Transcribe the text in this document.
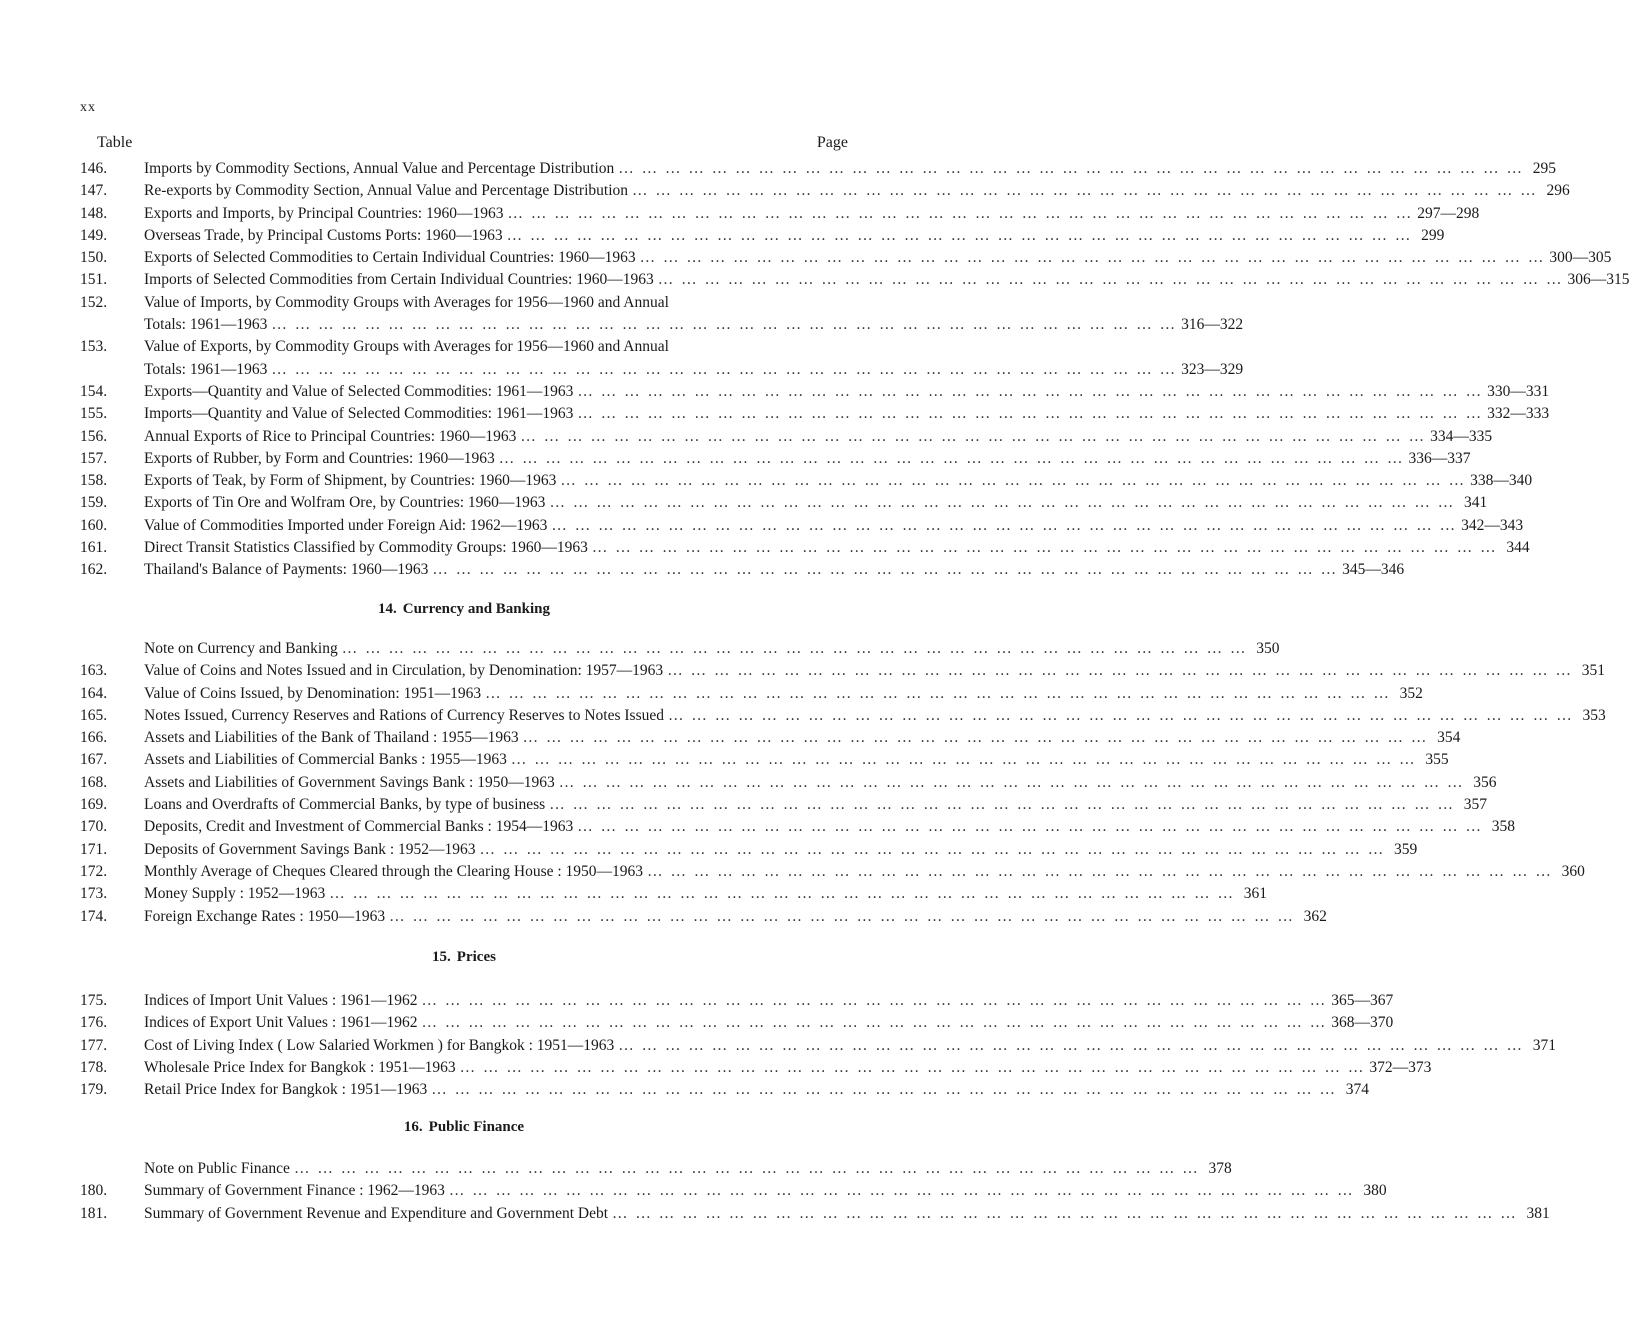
xx
Table	Page
146.	Imports by Commodity Sections, Annual Value and Percentage Distribution … … … … … … … … … … … … … … … … … … … … … … … … … … … … … … … … … … … … … … …	295
147.	Re-exports by Commodity Section, Annual Value and Percentage Distribution … … … … … … … … … … … … … … … … … … … … … … … … … … … … … … … … … … … … … … …	296
148.	Exports and Imports, by Principal Countries: 1960—1963 … … … … … … … … … … … … … … … … … … … … … … … … … … … … … … … … … … … … … … …	297—298
149.	Overseas Trade, by Principal Customs Ports: 1960—1963 … … … … … … … … … … … … … … … … … … … … … … … … … … … … … … … … … … … … … … …	299
150.	Exports of Selected Commodities to Certain Individual Countries: 1960—1963 … … … … … … … … … … … … … … … … … … … … … … … … … … … … … … … … … … … … … … …	300—305
151.	Imports of Selected Commodities from Certain Individual Countries: 1960—1963 … … … … … … … … … … … … … … … … … … … … … … … … … … … … … … … … … … … … … … …	306—315
152.	Value of Imports, by Commodity Groups with Averages for 1956—1960 and Annual
Totals: 1961—1963 … … … … … … … … … … … … … … … … … … … … … … … … … … … … … … … … … … … … … … …	316—322
153.	Value of Exports, by Commodity Groups with Averages for 1956—1960 and Annual
Totals: 1961—1963 … … … … … … … … … … … … … … … … … … … … … … … … … … … … … … … … … … … … … … …	323—329
154.	Exports—Quantity and Value of Selected Commodities: 1961—1963 … … … … … … … … … … … … … … … … … … … … … … … … … … … … … … … … … … … … … … …	330—331
155.	Imports—Quantity and Value of Selected Commodities: 1961—1963 … … … … … … … … … … … … … … … … … … … … … … … … … … … … … … … … … … … … … … …	332—333
156.	Annual Exports of Rice to Principal Countries: 1960—1963 … … … … … … … … … … … … … … … … … … … … … … … … … … … … … … … … … … … … … … …	334—335
157.	Exports of Rubber, by Form and Countries: 1960—1963 … … … … … … … … … … … … … … … … … … … … … … … … … … … … … … … … … … … … … … …	336—337
158.	Exports of Teak, by Form of Shipment, by Countries: 1960—1963 … … … … … … … … … … … … … … … … … … … … … … … … … … … … … … … … … … … … … … …	338—340
159.	Exports of Tin Ore and Wolfram Ore, by Countries: 1960—1963 … … … … … … … … … … … … … … … … … … … … … … … … … … … … … … … … … … … … … … …	341
160.	Value of Commodities Imported under Foreign Aid: 1962—1963 … … … … … … … … … … … … … … … … … … … … … … … … … … … … … … … … … … … … … … …	342—343
161.	Direct Transit Statistics Classified by Commodity Groups: 1960—1963 … … … … … … … … … … … … … … … … … … … … … … … … … … … … … … … … … … … … … … …	344
162.	Thailand's Balance of Payments: 1960—1963 … … … … … … … … … … … … … … … … … … … … … … … … … … … … … … … … … … … … … … …	345—346
14. Currency and Banking
Note on Currency and Banking … … … … … … … … … … … … … … … … … … … … … … … … … … … … … … … … … … … … … … …	350
163.	Value of Coins and Notes Issued and in Circulation, by Denomination: 1957—1963 … … … … … … … … … … … … … … … … … … … … … … … … … … … … … … … … … … … … … … …	351
164.	Value of Coins Issued, by Denomination: 1951—1963 … … … … … … … … … … … … … … … … … … … … … … … … … … … … … … … … … … … … … … …	352
165.	Notes Issued, Currency Reserves and Rations of Currency Reserves to Notes Issued … … … … … … … … … … … … … … … … … … … … … … … … … … … … … … … … … … … … … … …	353
166.	Assets and Liabilities of the Bank of Thailand : 1955—1963 … … … … … … … … … … … … … … … … … … … … … … … … … … … … … … … … … … … … … … …	354
167.	Assets and Liabilities of Commercial Banks : 1955—1963 … … … … … … … … … … … … … … … … … … … … … … … … … … … … … … … … … … … … … … …	355
168.	Assets and Liabilities of Government Savings Bank : 1950—1963 … … … … … … … … … … … … … … … … … … … … … … … … … … … … … … … … … … … … … … …	356
169.	Loans and Overdrafts of Commercial Banks, by type of business … … … … … … … … … … … … … … … … … … … … … … … … … … … … … … … … … … … … … … …	357
170.	Deposits, Credit and Investment of Commercial Banks : 1954—1963 … … … … … … … … … … … … … … … … … … … … … … … … … … … … … … … … … … … … … … …	358
171.	Deposits of Government Savings Bank : 1952—1963 … … … … … … … … … … … … … … … … … … … … … … … … … … … … … … … … … … … … … … …	359
172.	Monthly Average of Cheques Cleared through the Clearing House : 1950—1963 … … … … … … … … … … … … … … … … … … … … … … … … … … … … … … … … … … … … … … …	360
173.	Money Supply : 1952—1963 … … … … … … … … … … … … … … … … … … … … … … … … … … … … … … … … … … … … … … …	361
174.	Foreign Exchange Rates : 1950—1963 … … … … … … … … … … … … … … … … … … … … … … … … … … … … … … … … … … … … … … …	362
15. Prices
175.	Indices of Import Unit Values : 1961—1962 … … … … … … … … … … … … … … … … … … … … … … … … … … … … … … … … … … … … … … …	365—367
176.	Indices of Export Unit Values : 1961—1962 … … … … … … … … … … … … … … … … … … … … … … … … … … … … … … … … … … … … … … …	368—370
177.	Cost of Living Index ( Low Salaried Workmen ) for Bangkok : 1951—1963 … … … … … … … … … … … … … … … … … … … … … … … … … … … … … … … … … … … … … … …	371
178.	Wholesale Price Index for Bangkok : 1951—1963 … … … … … … … … … … … … … … … … … … … … … … … … … … … … … … … … … … … … … … …	372—373
179.	Retail Price Index for Bangkok : 1951—1963 … … … … … … … … … … … … … … … … … … … … … … … … … … … … … … … … … … … … … … …	374
16. Public Finance
Note on Public Finance … … … … … … … … … … … … … … … … … … … … … … … … … … … … … … … … … … … … … … …	378
180.	Summary of Government Finance : 1962—1963 … … … … … … … … … … … … … … … … … … … … … … … … … … … … … … … … … … … … … … …	380
181.	Summary of Government Revenue and Expenditure and Government Debt … … … … … … … … … … … … … … … … … … … … … … … … … … … … … … … … … … … … … … …	381
